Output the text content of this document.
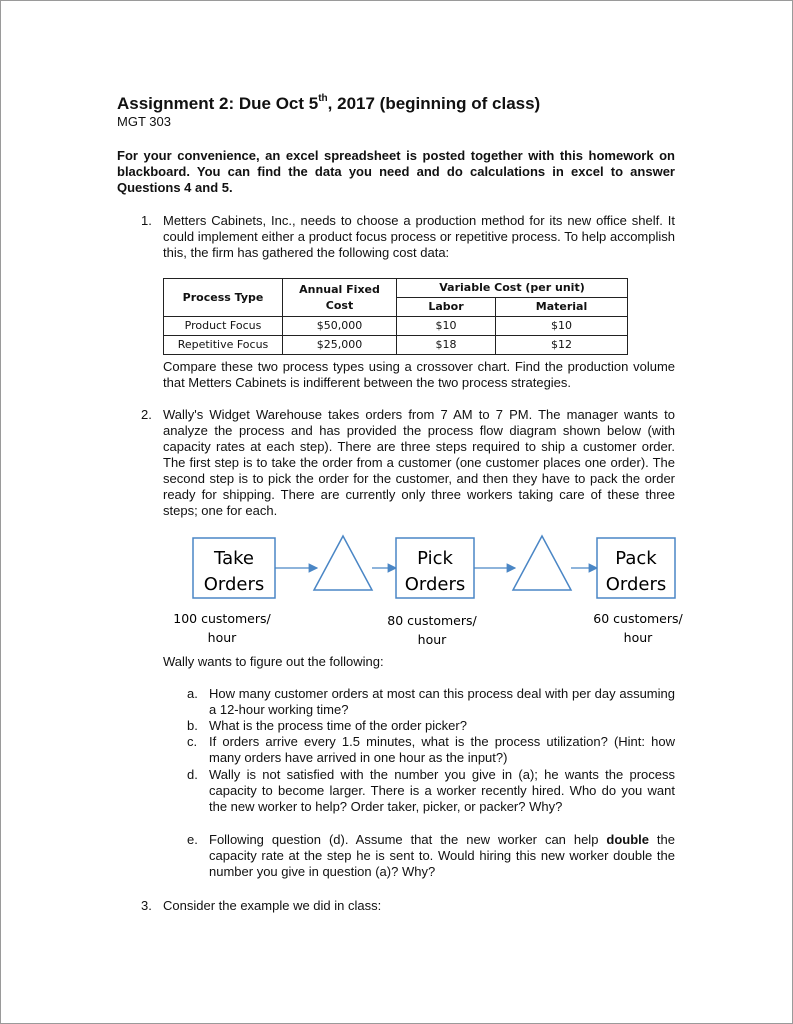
Assignment 2: Due Oct 5th, 2017 (beginning of class)
MGT 303
For your convenience, an excel spreadsheet is posted together with this homework on blackboard. You can find the data you need and do calculations in excel to answer Questions 4 and 5.
1. Metters Cabinets, Inc., needs to choose a production method for its new office shelf. It could implement either a product focus process or repetitive process. To help accomplish this, the firm has gathered the following cost data:
Process Type	Annual Fixed Cost	Variable Cost (per unit)	
		Labor	Material
Product Focus	$50,000	$10	$10
Repetitive Focus	$25,000	$18	$12
Compare these two process types using a crossover chart. Find the production volume that Metters Cabinets is indifferent between the two process strategies.
2. Wally's Widget Warehouse takes orders from 7 AM to 7 PM. The manager wants to analyze the process and has provided the process flow diagram shown below (with capacity rates at each step). There are three steps required to ship a customer order. The first step is to take the order from a customer (one customer places one order). The second step is to pick the order for the customer, and then they have to pack the order ready for shipping. There are currently only three workers taking care of these three steps; one for each.
Take
Orders
Pick
Orders
Pack
Orders
100 customers/
hour
80 customers/
hour
60 customers/
hour
Wally wants to figure out the following:
a. How many customer orders at most can this process deal with per day assuming a 12-hour working time?
b. What is the process time of the order picker?
c. If orders arrive every 1.5 minutes, what is the process utilization? (Hint: how many orders have arrived in one hour as the input?)
d. Wally is not satisfied with the number you give in (a); he wants the process capacity to become larger. There is a worker recently hired. Who do you want the new worker to help? Order taker, picker, or packer? Why?
e. Following question (d). Assume that the new worker can help double the capacity rate at the step he is sent to. Would hiring this new worker double the number you give in question (a)? Why?
3. Consider the example we did in class:
